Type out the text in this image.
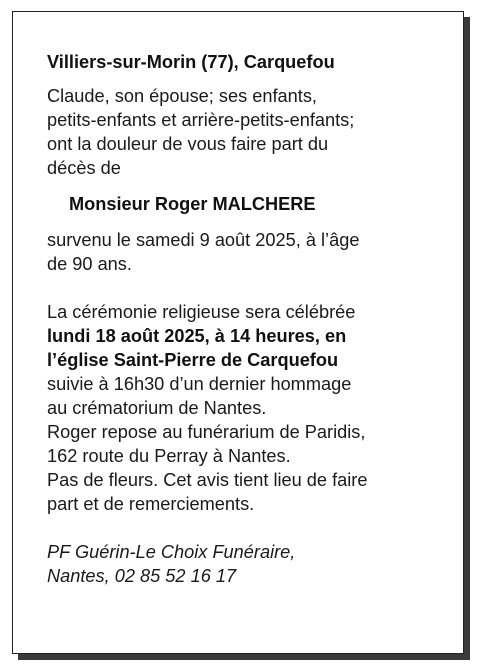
Villiers-sur-Morin (77), Carquefou

Claude, son épouse; ses enfants,
petits-enfants et arrière-petits-enfants;
ont la douleur de vous faire part du
décès de

Monsieur Roger MALCHERE

survenu le samedi 9 août 2025, à l’âge
de 90 ans.
La cérémonie religieuse sera célébrée
lundi 18 août 2025, à 14 heures, en
l’église Saint-Pierre de Carquefou
suivie à 16h30 d’un dernier hommage
au crématorium de Nantes.
Roger repose au funérarium de Paridis,
162 route du Perray à Nantes.
Pas de fleurs. Cet avis tient lieu de faire
part et de remerciements.
PF Guérin-Le Choix Funéraire,
Nantes, 02 85 52 16 17
